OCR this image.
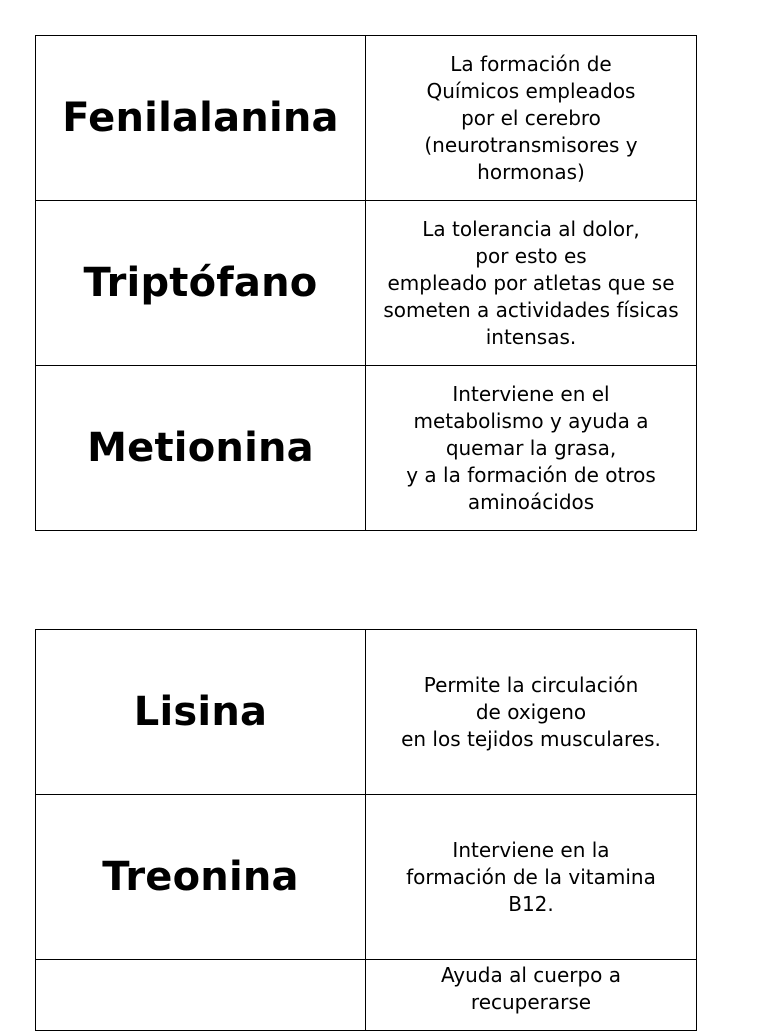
Fenilalanina	La formación de
Químicos empleados
por el cerebro
(neurotransmisores y
hormonas)

Triptófano	La tolerancia al dolor,
por esto es
empleado por atletas que se
someten a actividades físicas
intensas.

Metionina	Interviene en el
metabolismo y ayuda a
quemar la grasa,
y a la formación de otros
aminoácidos
Lisina	Permite la circulación
de oxigeno
en los tejidos musculares.

Treonina	Interviene en la
formación de la vitamina
B12.

	Ayuda al cuerpo a
recuperarse
